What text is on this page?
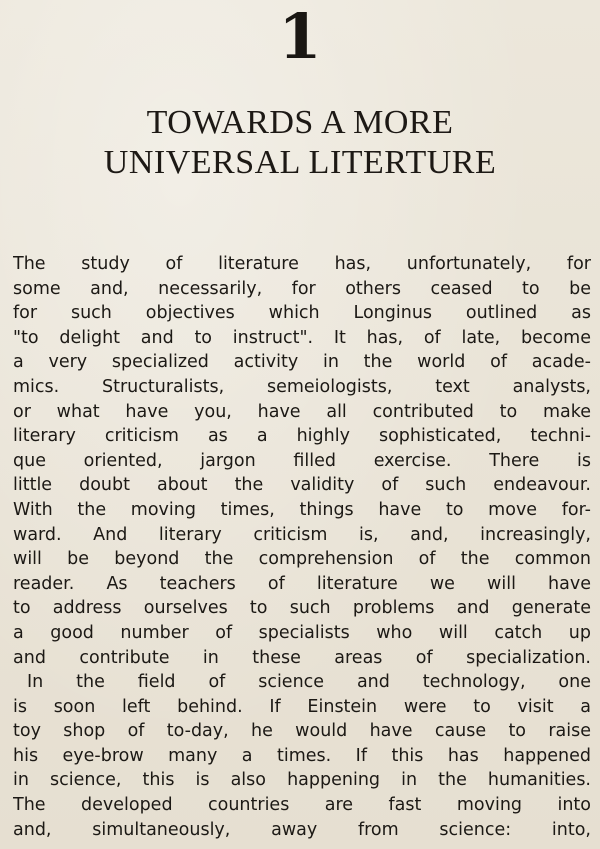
1
TOWARDS A MORE
UNIVERSAL LITERTURE
The study of literature has, unfortunately, for
some and, necessarily, for others ceased to be
for such objectives which Longinus outlined as
"to delight and to instruct". It has, of late, become
a very specialized activity in the world of acade-
mics. Structuralists, semeiologists, text analysts,
or what have you, have all contributed to make
literary criticism as a highly sophisticated, techni-
que oriented, jargon filled exercise. There is
little doubt about the validity of such endeavour.
With the moving times, things have to move for-
ward. And literary criticism is, and, increasingly,
will be beyond the comprehension of the common
reader. As teachers of literature we will have
to address ourselves to such problems and generate
a good number of specialists who will catch up
and contribute in these areas of specialization.
In the field of science and technology, one
is soon left behind. If Einstein were to visit a
toy shop of to-day, he would have cause to raise
his eye-brow many a times. If this has happened
in science, this is also happening in the humanities.
The developed countries are fast moving into
and, simultaneously, away from science: into,
